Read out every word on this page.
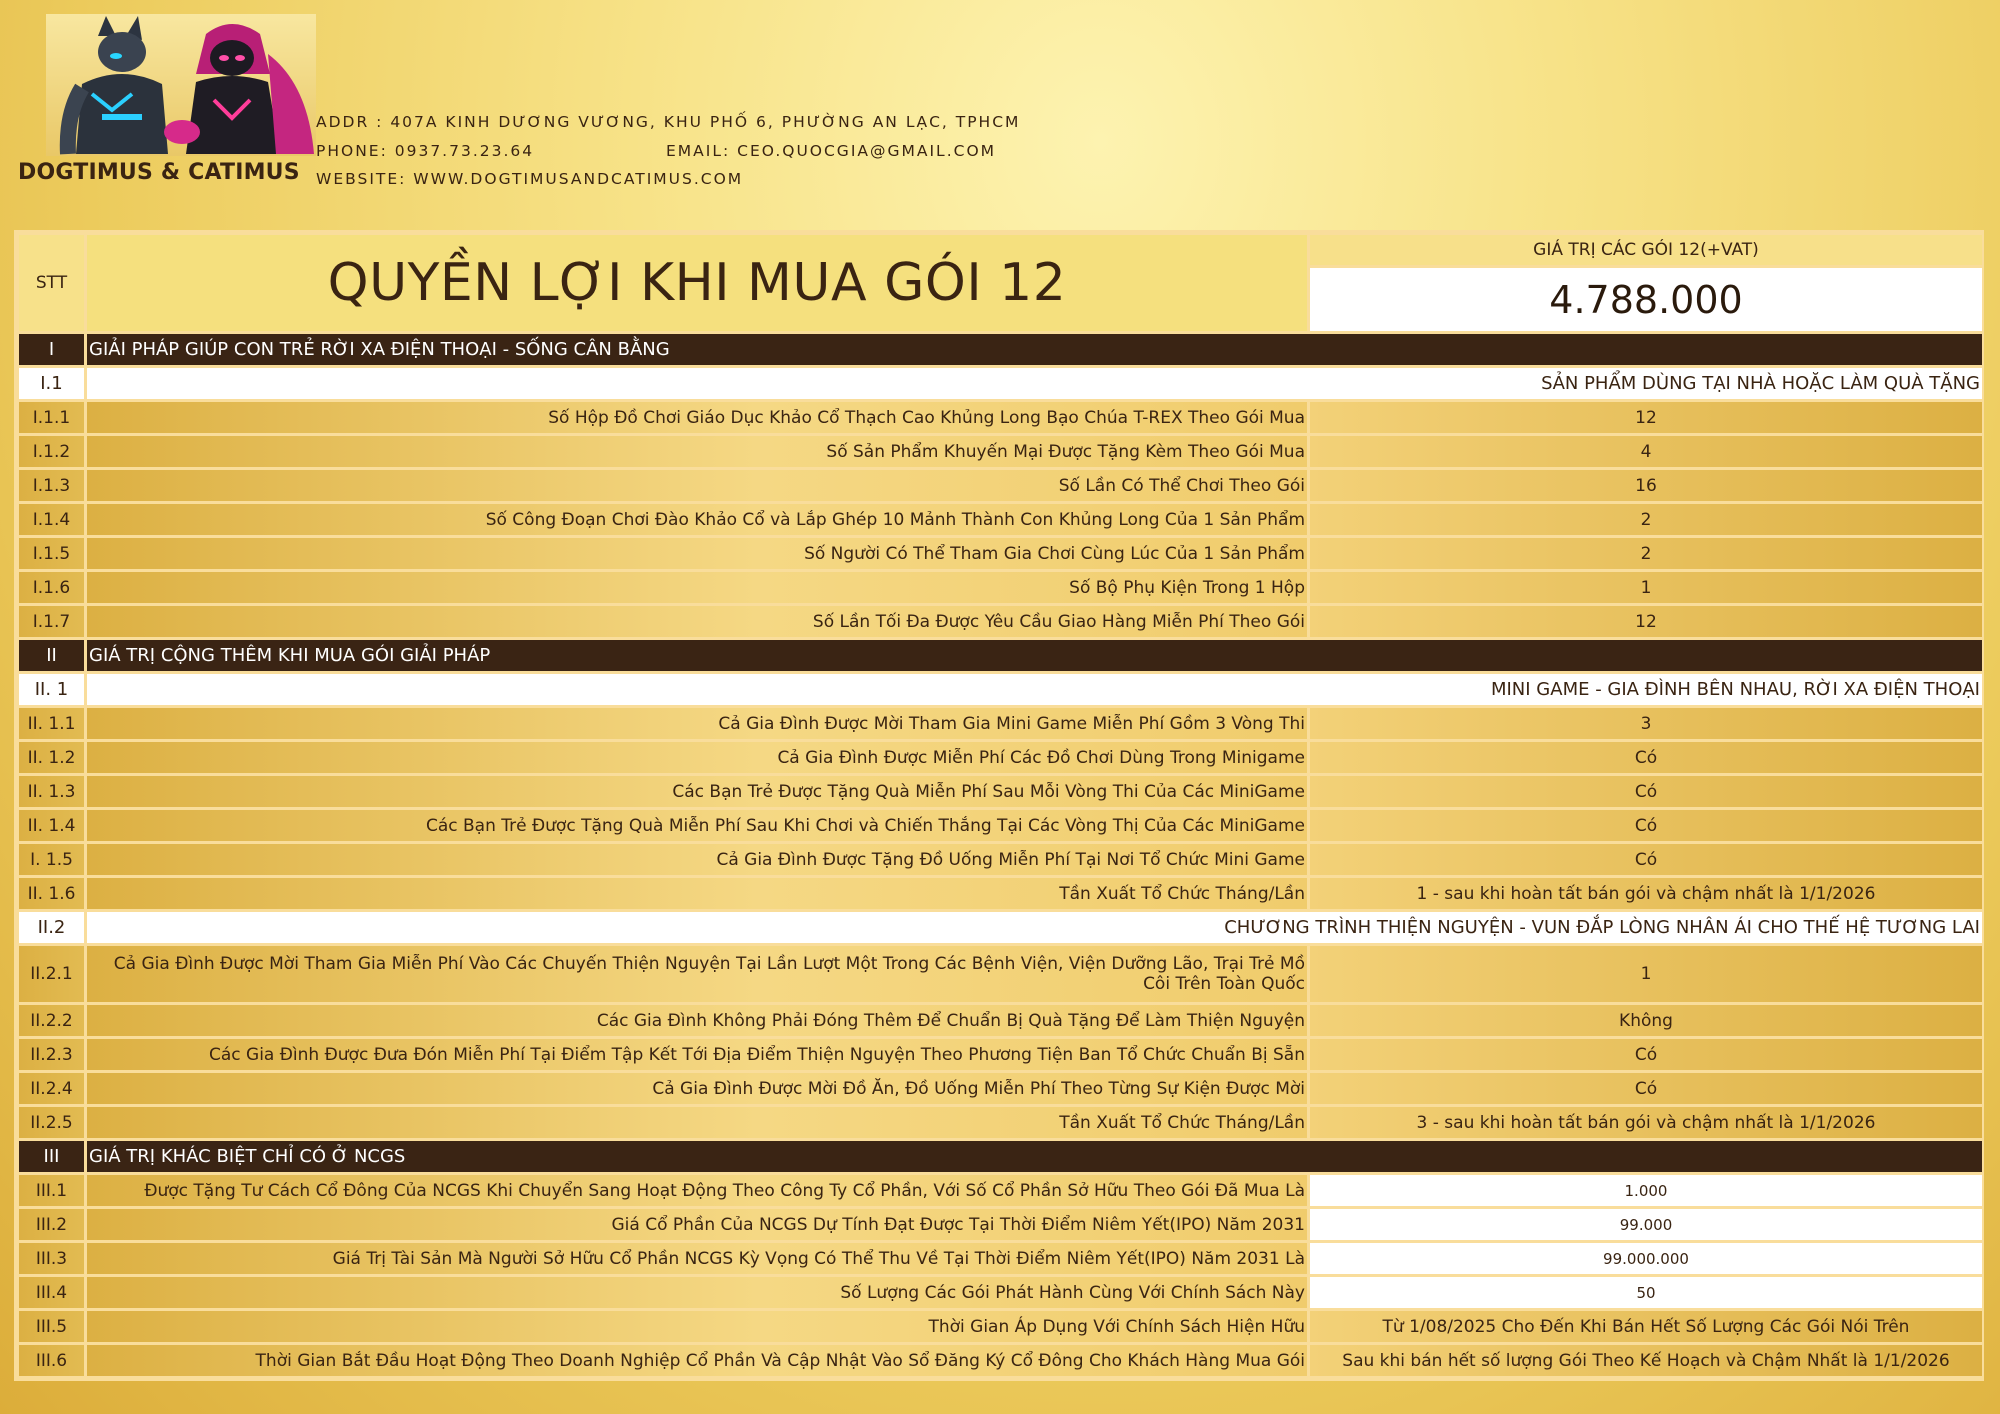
DOGTIMUS & CATIMUS
ADDR : 407A KINH DƯƠNG VƯƠNG, KHU PHỐ 6, PHƯỜNG AN LẠC, TPHCM
PHONE: 0937.73.23.64	EMAIL: CEO.QUOCGIA@GMAIL.COM
WEBSITE: WWW.DOGTIMUSANDCATIMUS.COM
STT	QUYỀN LỢI KHI MUA GÓI 12	GIÁ TRỊ CÁC GÓI 12(+VAT)
		4.788.000
I	GIẢI PHÁP GIÚP CON TRẺ RỜI XA ĐIỆN THOẠI - SỐNG CÂN BẰNG	
I.1	SẢN PHẨM DÙNG TẠI NHÀ HOẶC LÀM QUÀ TẶNG	
I.1.1	Số Hộp Đồ Chơi Giáo Dục Khảo Cổ Thạch Cao Khủng Long Bạo Chúa T-REX Theo Gói Mua	12
I.1.2	Số Sản Phẩm Khuyến Mại Được Tặng Kèm Theo Gói Mua	4
I.1.3	Số Lần Có Thể Chơi Theo Gói	16
I.1.4	Số Công Đoạn Chơi Đào Khảo Cổ và Lắp Ghép 10 Mảnh Thành Con Khủng Long Của 1 Sản Phẩm	2
I.1.5	Số Người Có Thể Tham Gia Chơi Cùng Lúc Của 1 Sản Phẩm	2
I.1.6	Số Bộ Phụ Kiện Trong 1 Hộp	1
I.1.7	Số Lần Tối Đa Được Yêu Cầu Giao Hàng Miễn Phí Theo Gói	12
II	GIÁ TRỊ CỘNG THÊM KHI MUA GÓI GIẢI PHÁP	
II. 1	MINI GAME - GIA ĐÌNH BÊN NHAU, RỜI XA ĐIỆN THOẠI	
II. 1.1	Cả Gia Đình Được Mời Tham Gia Mini Game Miễn Phí Gồm 3 Vòng Thi	3
II. 1.2	Cả Gia Đình Được Miễn Phí Các Đồ Chơi Dùng Trong Minigame	Có
II. 1.3	Các Bạn Trẻ Được Tặng Quà Miễn Phí Sau Mỗi Vòng Thi Của Các MiniGame	Có
II. 1.4	Các Bạn Trẻ Được Tặng Quà Miễn Phí Sau Khi Chơi và Chiến Thắng Tại Các Vòng Thị Của Các MiniGame	Có
I. 1.5	Cả Gia Đình Được Tặng Đồ Uống Miễn Phí Tại Nơi Tổ Chức Mini Game	Có
II. 1.6	Tần Xuất Tổ Chức Tháng/Lần	1 - sau khi hoàn tất bán gói và chậm nhất là 1/1/2026
II.2	CHƯƠNG TRÌNH THIỆN NGUYỆN - VUN ĐẮP LÒNG NHÂN ÁI CHO THẾ HỆ TƯƠNG LAI	
II.2.1	Cả Gia Đình Được Mời Tham Gia Miễn Phí Vào Các Chuyến Thiện Nguyện Tại Lần Lượt Một Trong Các Bệnh Viện, Viện Dưỡng Lão, Trại Trẻ Mồ Côi Trên Toàn Quốc	1
II.2.2	Các Gia Đình Không Phải Đóng Thêm Để Chuẩn Bị Quà Tặng Để Làm Thiện Nguyện	Không
II.2.3	Các Gia Đình Được Đưa Đón Miễn Phí Tại Điểm Tập Kết Tới Địa Điểm Thiện Nguyện Theo Phương Tiện Ban Tổ Chức Chuẩn Bị Sẵn	Có
II.2.4	Cả Gia Đình Được Mời Đồ Ăn, Đồ Uống Miễn Phí Theo Từng Sự Kiện Được Mời	Có
II.2.5	Tần Xuất Tổ Chức Tháng/Lần	3 - sau khi hoàn tất bán gói và chậm nhất là 1/1/2026
III	GIÁ TRỊ KHÁC BIỆT CHỈ CÓ Ở NCGS	
III.1	Được Tặng Tư Cách Cổ Đông Của NCGS Khi Chuyển Sang Hoạt Động Theo Công Ty Cổ Phần, Với Số Cổ Phần Sở Hữu Theo Gói Đã Mua Là	1.000
III.2	Giá Cổ Phần Của NCGS Dự Tính Đạt Được Tại Thời Điểm Niêm Yết(IPO) Năm 2031	99.000
III.3	Giá Trị Tài Sản Mà Người Sở Hữu Cổ Phần NCGS Kỳ Vọng Có Thể Thu Về Tại Thời Điểm Niêm Yết(IPO) Năm 2031 Là	99.000.000
III.4	Số Lượng Các Gói Phát Hành Cùng Với Chính Sách Này	50
III.5	Thời Gian Áp Dụng Với Chính Sách Hiện Hữu	Từ 1/08/2025 Cho Đến Khi Bán Hết Số Lượng Các Gói Nói Trên
III.6	Thời Gian Bắt Đầu Hoạt Động Theo Doanh Nghiệp Cổ Phần Và Cập Nhật Vào Sổ Đăng Ký Cổ Đông Cho Khách Hàng Mua Gói	Sau khi bán hết số lượng Gói Theo Kế Hoạch và Chậm Nhất là 1/1/2026
